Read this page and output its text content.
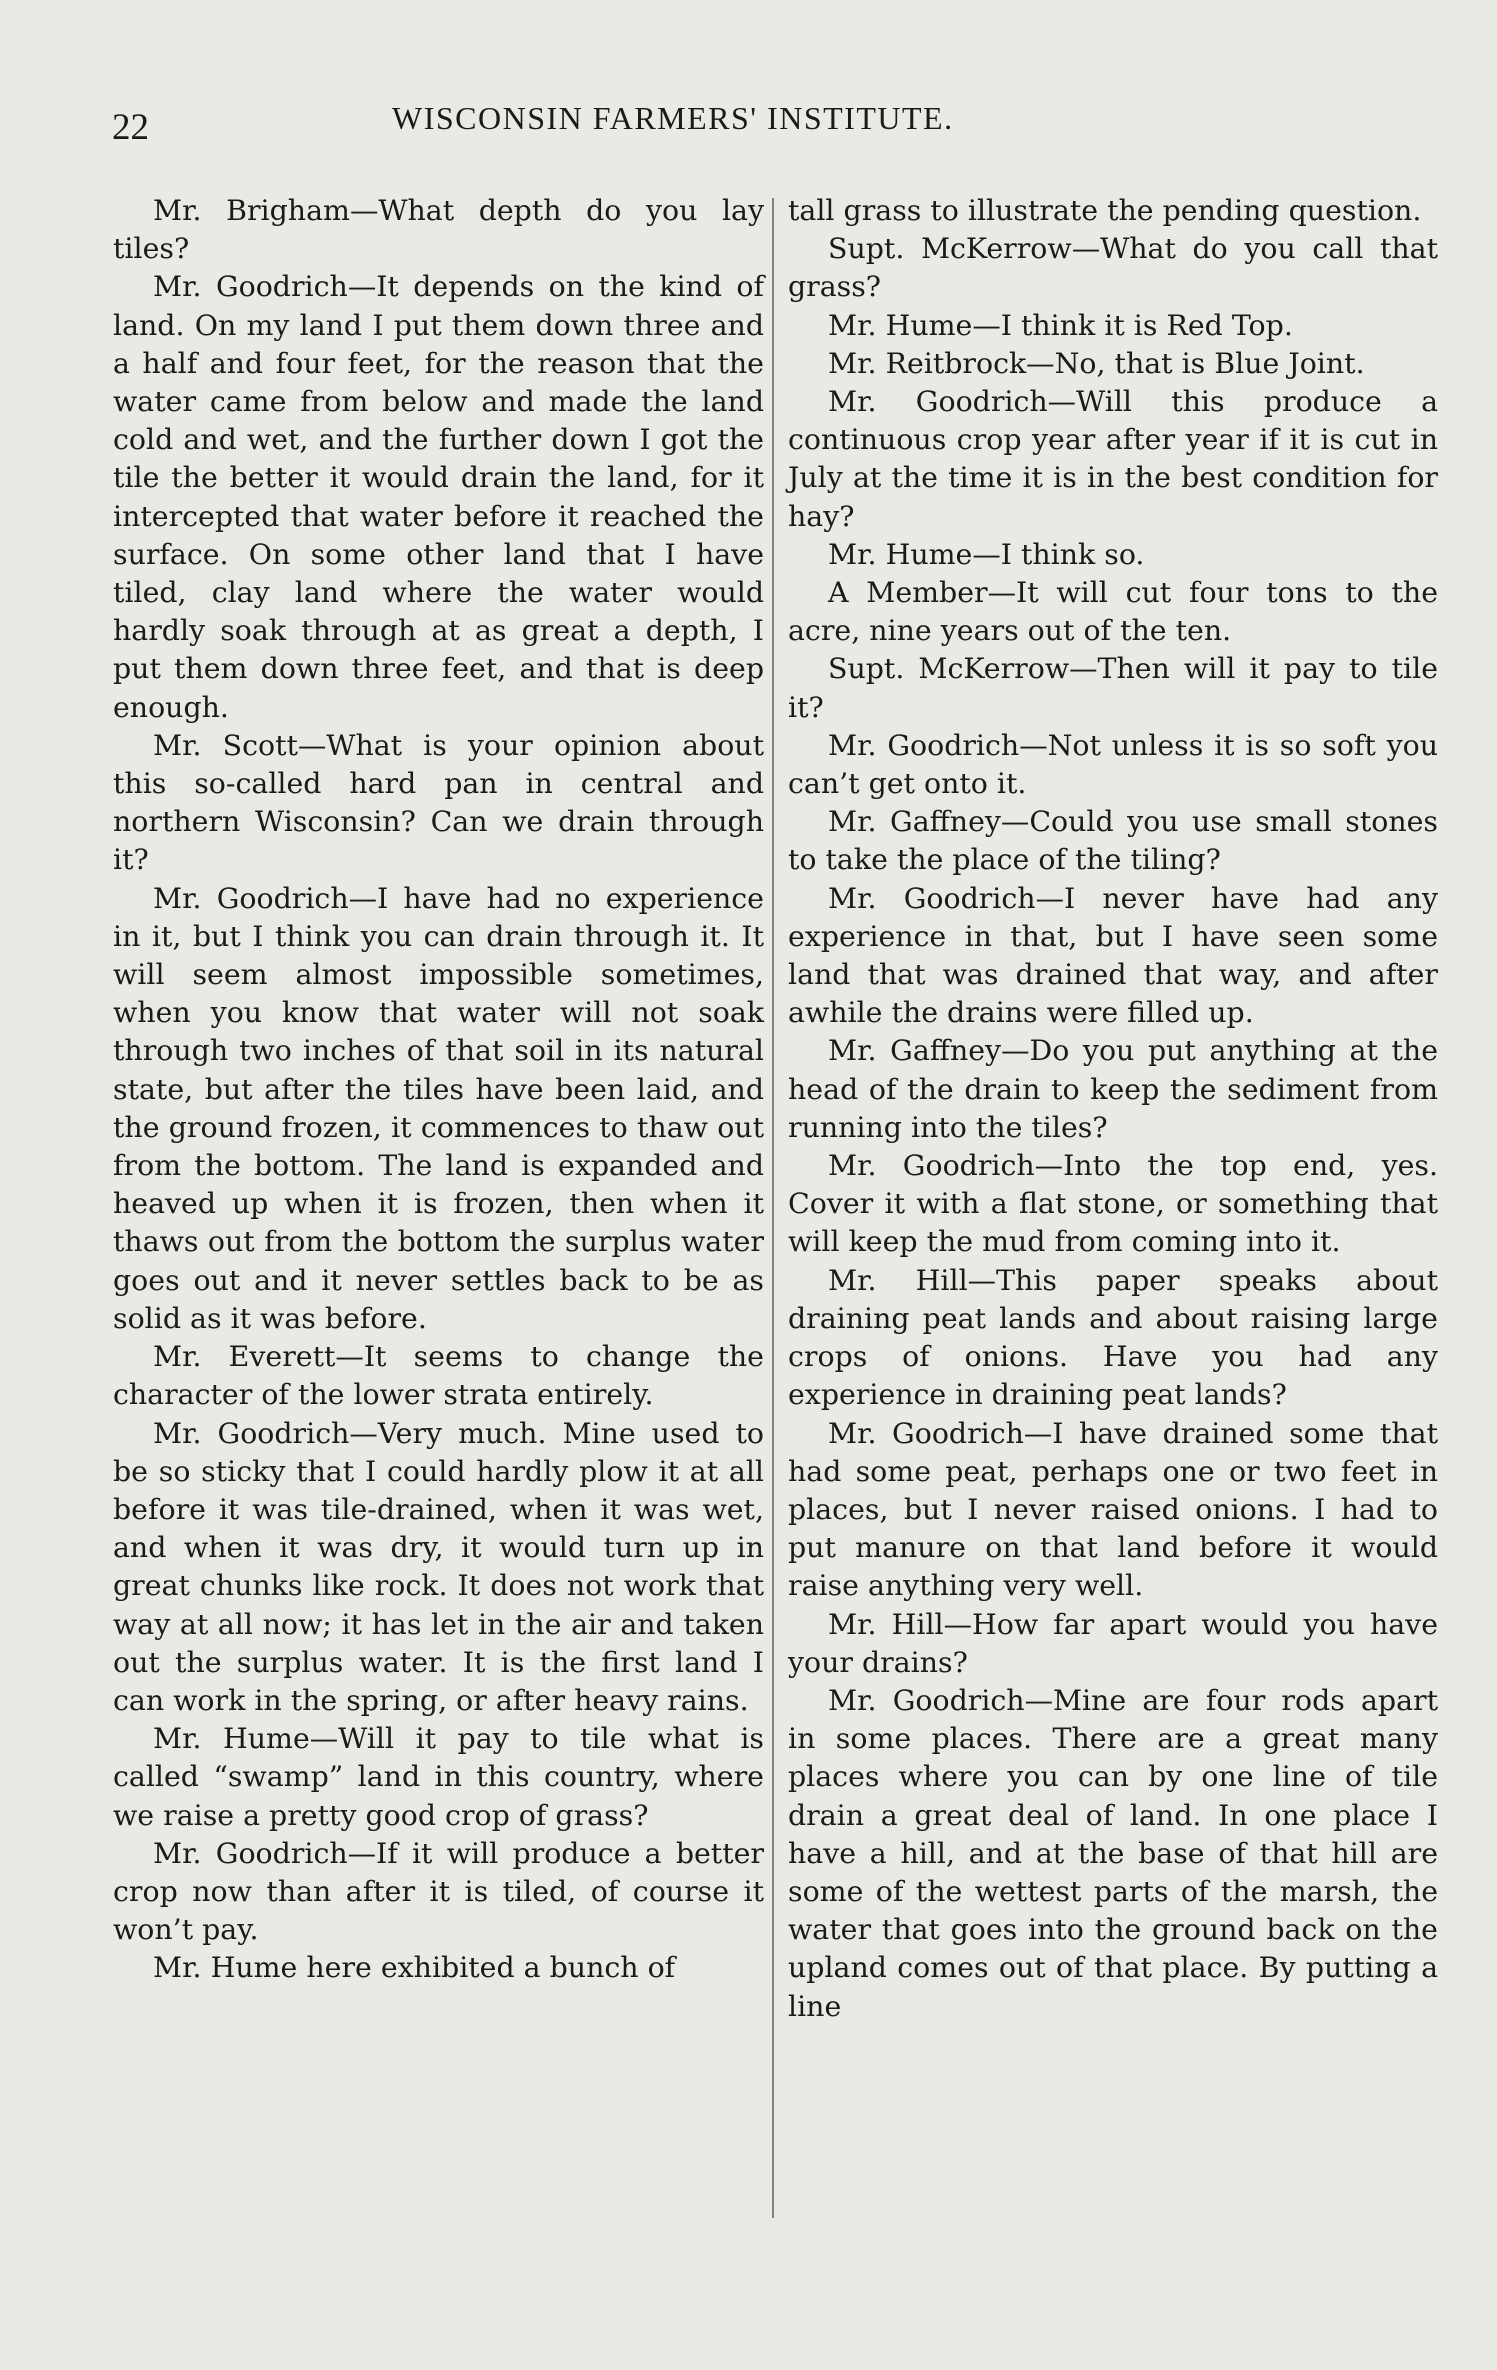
22	WISCONSIN FARMERS' INSTITUTE.

Mr. Brigham—What depth do you lay tiles?

Mr. Goodrich—It depends on the kind of land. On my land I put them down three and a half and four feet, for the reason that the water came from below and made the land cold and wet, and the further down I got the tile the better it would drain the land, for it intercepted that water before it reached the surface. On some other land that I have tiled, clay land where the water would hardly soak through at as great a depth, I put them down three feet, and that is deep enough.

Mr. Scott—What is your opinion about this so-called hard pan in central and northern Wisconsin? Can we drain through it?

Mr. Goodrich—I have had no experience in it, but I think you can drain through it. It will seem almost impossible sometimes, when you know that water will not soak through two inches of that soil in its natural state, but after the tiles have been laid, and the ground frozen, it commences to thaw out from the bottom. The land is expanded and heaved up when it is frozen, then when it thaws out from the bottom the surplus water goes out and it never settles back to be as solid as it was before.

Mr. Everett—It seems to change the character of the lower strata entirely.

Mr. Goodrich—Very much. Mine used to be so sticky that I could hardly plow it at all before it was tile-drained, when it was wet, and when it was dry, it would turn up in great chunks like rock. It does not work that way at all now; it has let in the air and taken out the surplus water. It is the first land I can work in the spring, or after heavy rains.

Mr. Hume—Will it pay to tile what is called “swamp” land in this country, where we raise a pretty good crop of grass?

Mr. Goodrich—If it will produce a better crop now than after it is tiled, of course it won’t pay.

Mr. Hume here exhibited a bunch of

tall grass to illustrate the pending question.

Supt. McKerrow—What do you call that grass?

Mr. Hume—I think it is Red Top.

Mr. Reitbrock—No, that is Blue Joint.

Mr. Goodrich—Will this produce a continuous crop year after year if it is cut in July at the time it is in the best condition for hay?

Mr. Hume—I think so.

A Member—It will cut four tons to the acre, nine years out of the ten.

Supt. McKerrow—Then will it pay to tile it?

Mr. Goodrich—Not unless it is so soft you can’t get onto it.

Mr. Gaffney—Could you use small stones to take the place of the tiling?

Mr. Goodrich—I never have had any experience in that, but I have seen some land that was drained that way, and after awhile the drains were filled up.

Mr. Gaffney—Do you put anything at the head of the drain to keep the sediment from running into the tiles?

Mr. Goodrich—Into the top end, yes. Cover it with a flat stone, or something that will keep the mud from coming into it.

Mr. Hill—This paper speaks about draining peat lands and about raising large crops of onions. Have you had any experience in draining peat lands?

Mr. Goodrich—I have drained some that had some peat, perhaps one or two feet in places, but I never raised onions. I had to put manure on that land before it would raise anything very well.

Mr. Hill—How far apart would you have your drains?

Mr. Goodrich—Mine are four rods apart in some places. There are a great many places where you can by one line of tile drain a great deal of land. In one place I have a hill, and at the base of that hill are some of the wettest parts of the marsh, the water that goes into the ground back on the upland comes out of that place. By putting a line
